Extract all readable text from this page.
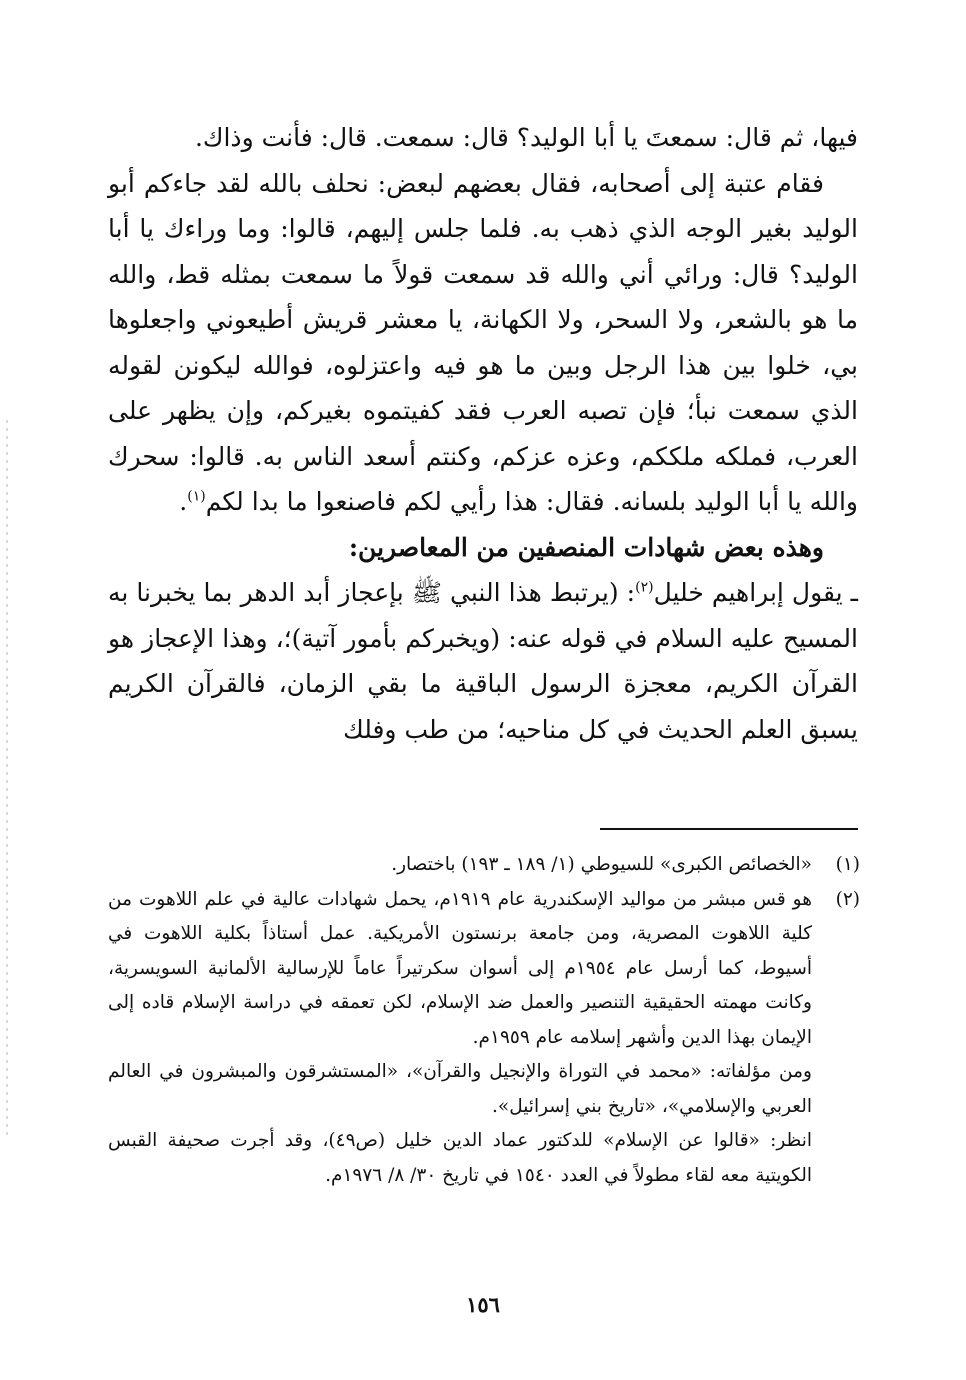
فيها، ثم قال: سمعتَ يا أبا الوليد؟ قال: سمعت. قال: فأنت وذاك.

فقام عتبة إلى أصحابه، فقال بعضهم لبعض: نحلف بالله لقد جاءكم أبو الوليد بغير الوجه الذي ذهب به. فلما جلس إليهم، قالوا: وما وراءك يا أبا الوليد؟ قال: ورائي أني والله قد سمعت قولاً ما سمعت بمثله قط، والله ما هو بالشعر، ولا السحر، ولا الكهانة، يا معشر قريش أطيعوني واجعلوها بي، خلوا بين هذا الرجل وبين ما هو فيه واعتزلوه، فوالله ليكونن لقوله الذي سمعت نبأ؛ فإن تصبه العرب فقد كفيتموه بغيركم، وإن يظهر على العرب، فملكه ملككم، وعزه عزكم، وكنتم أسعد الناس به. قالوا: سحرك والله يا أبا الوليد بلسانه. فقال: هذا رأيي لكم فاصنعوا ما بدا لكم$^{(١)}$.

وهذه بعض شهادات المنصفين من المعاصرين:

ـ يقول إبراهيم خليل$^{(٢)}$: (يرتبط هذا النبي ﷺ بإعجاز أبد الدهر بما يخبرنا به المسيح عليه السلام في قوله عنه: (ويخبركم بأمور آتية)؛، وهذا الإعجاز هو القرآن الكريم، معجزة الرسول الباقية ما بقي الزمان، فالقرآن الكريم يسبق العلم الحديث في كل مناحيه؛ من طب وفلك

(١)
«الخصائص الكبرى» للسيوطي (١/ ١٨٩ ـ ١٩٣) باختصار.
(٢)
هو قس مبشر من مواليد الإسكندرية عام ١٩١٩م، يحمل شهادات عالية في علم اللاهوت من كلية اللاهوت المصرية، ومن جامعة برنستون الأمريكية. عمل أستاذاً بكلية اللاهوت في أسيوط، كما أرسل عام ١٩٥٤م إلى أسوان سكرتيراً عاماً للإرسالية الألمانية السويسرية، وكانت مهمته الحقيقية التنصير والعمل ضد الإسلام، لكن تعمقه في دراسة الإسلام قاده إلى الإيمان بهذا الدين وأشهر إسلامه عام ١٩٥٩م.
ومن مؤلفاته: «محمد في التوراة والإنجيل والقرآن»، «المستشرقون والمبشرون في العالم العربي والإسلامي»، «تاريخ بني إسرائيل».
انظر: «قالوا عن الإسلام» للدكتور عماد الدين خليل (ص٤٩)، وقد أجرت صحيفة القبس الكويتية معه لقاء مطولاً في العدد ١٥٤٠ في تاريخ ٣٠/ ٨/ ١٩٧٦م.
١٥٦
